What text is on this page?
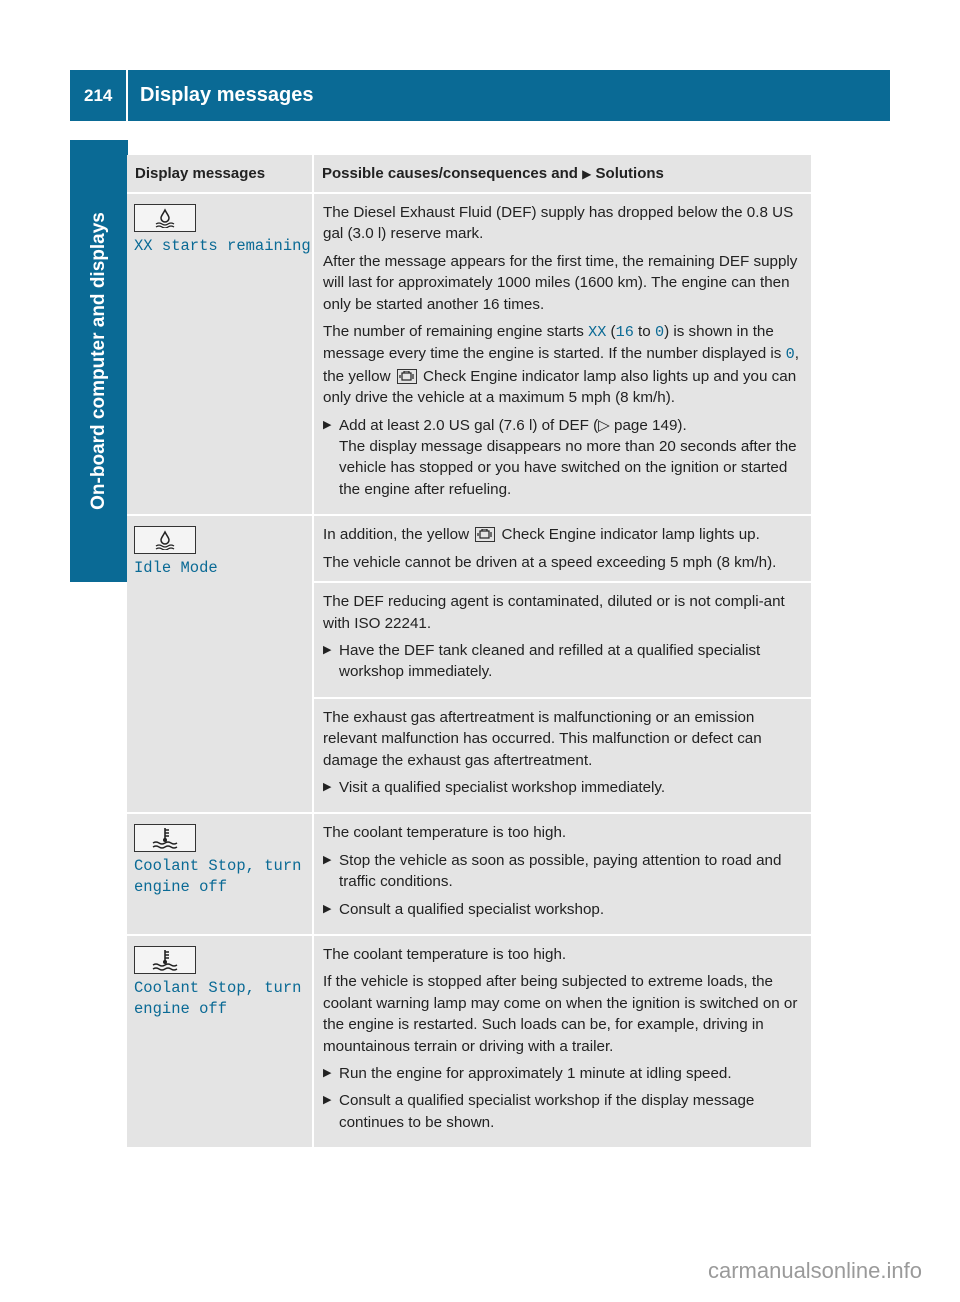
214	Display messages
On-board computer and displays
Display messages	Possible causes/consequences and ▶ Solutions
XX starts remaining

The Diesel Exhaust Fluid (DEF) supply has dropped below the 0.8 US gal (3.0 l) reserve mark.

After the message appears for the first time, the remaining DEF supply will last for approximately 1000 miles (1600 km). The engine can then only be started another 16 times.

The number of remaining engine starts XX (16 to 0) is shown in the message every time the engine is started. If the number displayed is 0, the yellow
Check Engine indicator lamp also lights up and you can only drive the vehicle at a maximum 5 mph (8 km/h).

▶ Add at least 2.0 US gal (7.6 l) of DEF (▷ page 149).
The display message disappears no more than 20 seconds after the vehicle has stopped or you have switched on the ignition or started the engine after refueling.
Idle Mode

In addition, the yellow
Check Engine indicator lamp lights up.

The vehicle cannot be driven at a speed exceeding 5 mph (8 km/h).

The DEF reducing agent is contaminated, diluted or is not compli-ant with ISO 22241.

▶ Have the DEF tank cleaned and refilled at a qualified specialist workshop immediately.

The exhaust gas aftertreatment is malfunctioning or an emission relevant malfunction has occurred. This malfunction or defect can damage the exhaust gas aftertreatment.

▶ Visit a qualified specialist workshop immediately.
Coolant Stop, turn
engine off

The coolant temperature is too high.

▶ Stop the vehicle as soon as possible, paying attention to road and traffic conditions.
▶ Consult a qualified specialist workshop.
Coolant Stop, turn
engine off

The coolant temperature is too high.

If the vehicle is stopped after being subjected to extreme loads, the coolant warning lamp may come on when the ignition is switched on or the engine is restarted. Such loads can be, for example, driving in mountainous terrain or driving with a trailer.

▶ Run the engine for approximately 1 minute at idling speed.
▶ Consult a qualified specialist workshop if the display message continues to be shown.
carmanualsonline.info
